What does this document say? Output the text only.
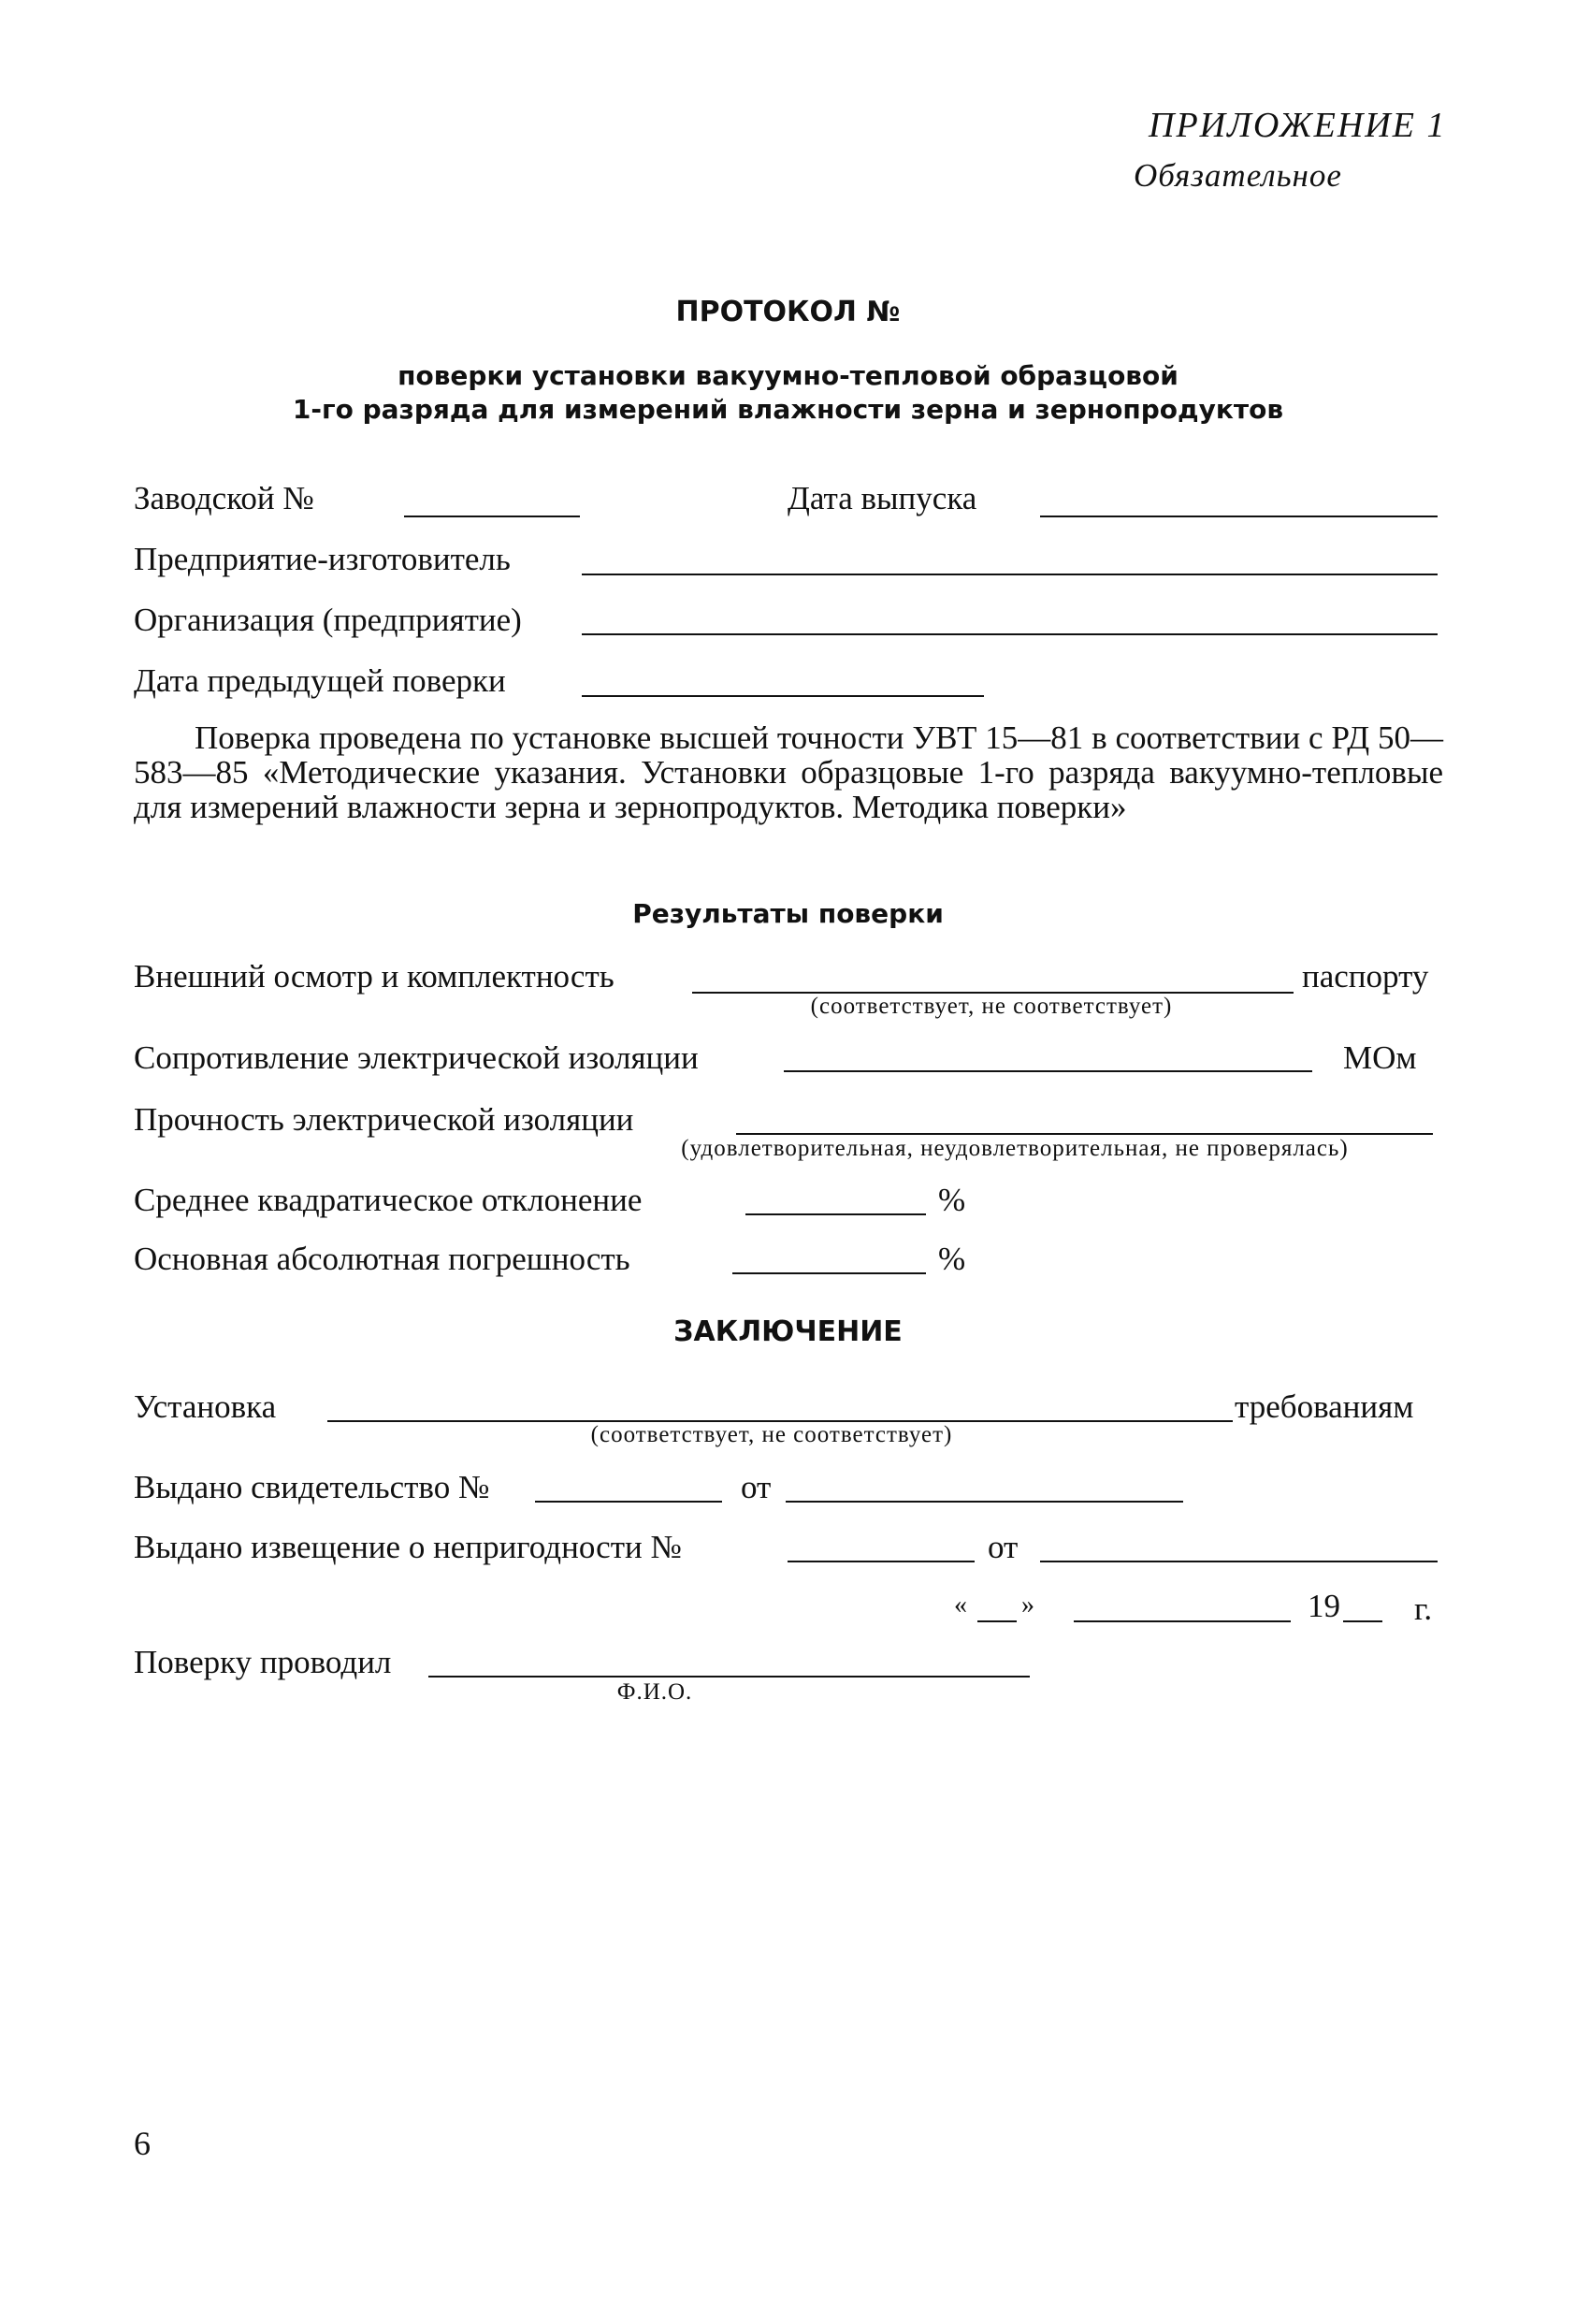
ПРИЛОЖЕНИЕ 1
Обязательное
ПРОТОКОЛ №
поверки установки вакуумно-тепловой образцовой
1-го разряда для измерений влажности зерна и зернопродуктов
Заводской №	Дата выпуска
Предприятие-изготовитель
Организация (предприятие)
Дата предыдущей поверки

Поверка проведена по установке высшей точности УВТ 15—81 в соответствии с РД 50—583—85 «Методические указания. Установки образцовые 1-го разряда вакуумно-тепловые для измерений влажности зерна и зернопродуктов. Методика поверки»

Результаты поверки
Внешний осмотр и комплектность	паспорту
(соответствует, не соответствует)
Сопротивление электрической изоляции	МОм
Прочность электрической изоляции
(удовлетворительная, неудовлетворительная, не проверялась)
Среднее квадратическое отклонение	%
Основная абсолютная погрешность	%
ЗАКЛЮЧЕНИЕ
Установка	требованиям
(соответствует, не соответствует)
Выдано свидетельство №	от
Выдано извещение о непригодности №	от
« »	19 г.
Поверку проводил
Ф.И.О.
6
